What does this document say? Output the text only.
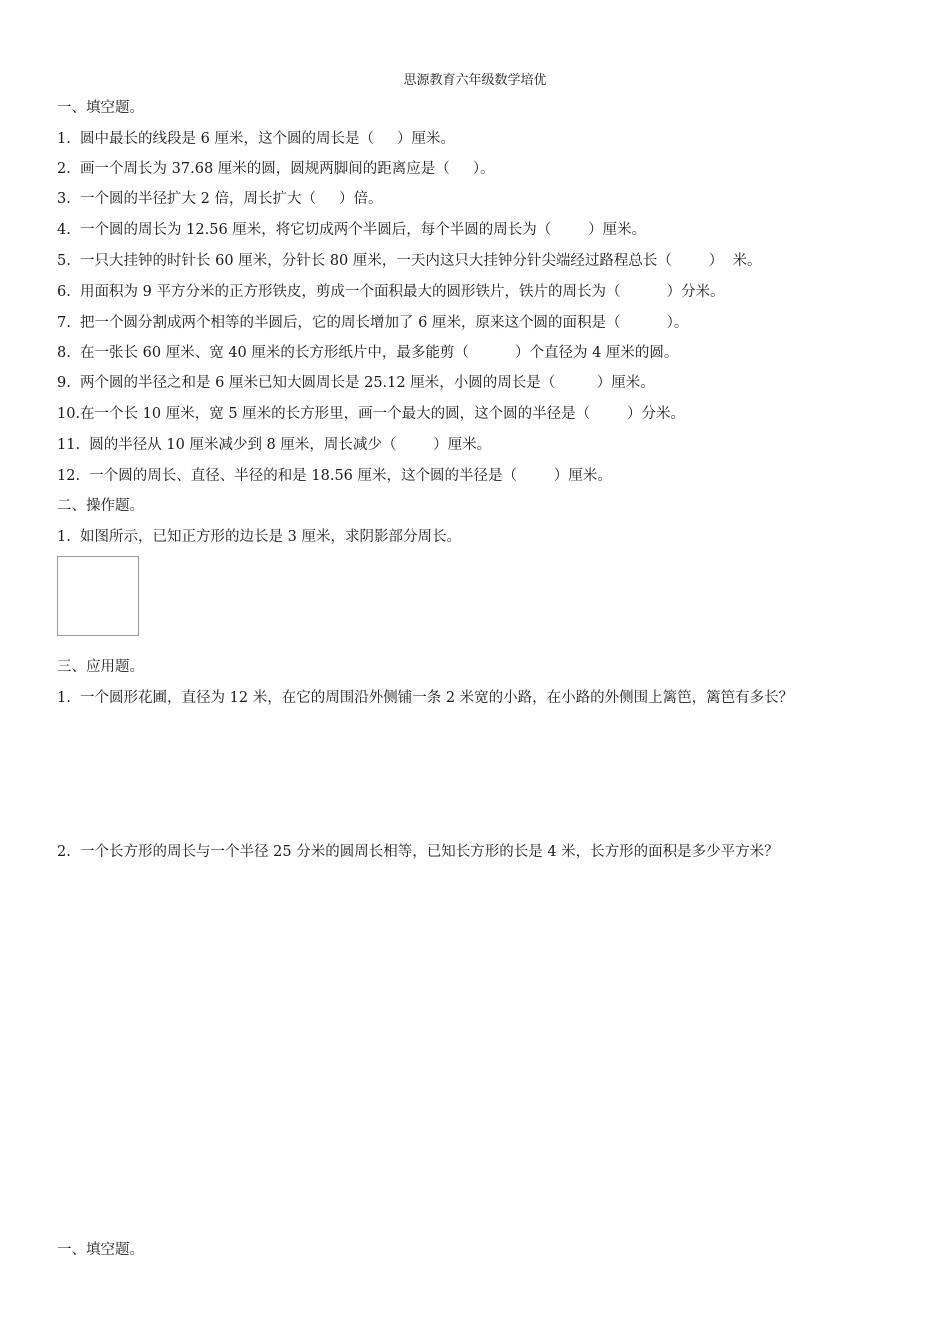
思源教育六年级数学培优
一、填空题。
1.  圆中最长的线段是 6 厘米，这个圆的周长是（     ）厘米。
2.  画一个周长为 37.68 厘米的圆，圆规两脚间的距离应是（     ）。
3.  一个圆的半径扩大 2 倍，周长扩大（     ）倍。
4.  一个圆的周长为 12.56 厘米，将它切成两个半圆后，每个半圆的周长为（        ）厘米。
5.  一只大挂钟的时针长 60 厘米，分针长 80 厘米，一天内这只大挂钟分针尖端经过路程总长（        ）  米。
6.  用面积为 9 平方分米的正方形铁皮，剪成一个面积最大的圆形铁片，铁片的周长为（          ）分米。
7.  把一个圆分割成两个相等的半圆后，它的周长增加了 6 厘米，原来这个圆的面积是（          ）。
8.  在一张长 60 厘米、宽 40 厘米的长方形纸片中，最多能剪（          ）个直径为 4 厘米的圆。
9.  两个圆的半径之和是 6 厘米已知大圆周长是 25.12 厘米，小圆的周长是（         ）厘米。
10.在一个长 10 厘米，宽 5 厘米的长方形里，画一个最大的圆，这个圆的半径是（        ）分米。
11.  圆的半径从 10 厘米减少到 8 厘米，周长减少（        ）厘米。
12.  一个圆的周长、直径、半径的和是 18.56 厘米，这个圆的半径是（        ）厘米。
二、操作题。
1.  如图所示，已知正方形的边长是 3 厘米，求阴影部分周长。
三、应用题。
1.  一个圆形花圃，直径为 12 米，在它的周围沿外侧铺一条 2 米宽的小路，在小路的外侧围上篱笆，篱笆有多长？
2.  一个长方形的周长与一个半径 25 分米的圆周长相等，已知长方形的长是 4 米，长方形的面积是多少平方米？
一、填空题。
